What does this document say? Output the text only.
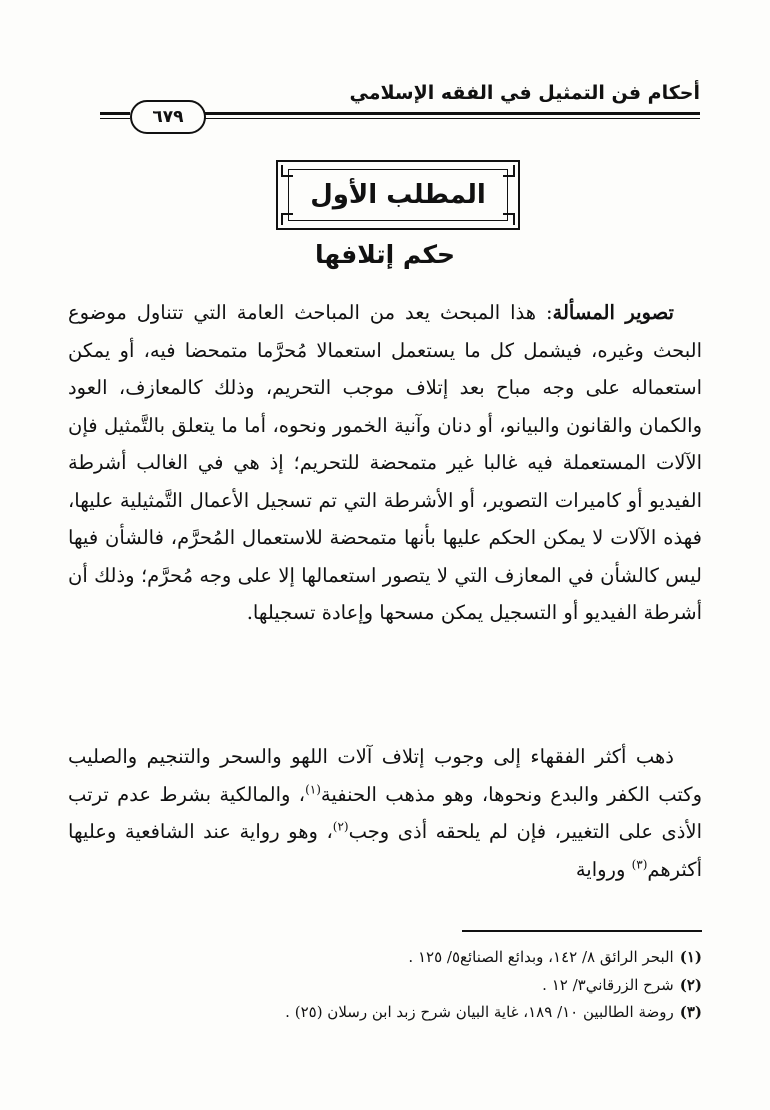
أحكام فن التمثيل في الفقه الإسلامي
٦٧٩
المطلب الأول
حكم إتلافها

تصوير المسألة: هذا المبحث يعد من المباحث العامة التي تتناول موضوع البحث وغيره، فيشمل كل ما يستعمل استعمالا مُحرَّما متمحضا فيه، أو يمكن استعماله على وجه مباح بعد إتلاف موجب التحريم، وذلك كالمعازف، العود والكمان والقانون والبيانو، أو دنان وآنية الخمور ونحوه، أما ما يتعلق بالتَّمثيل فإن الآلات المستعملة فيه غالبا غير متمحضة للتحريم؛ إذ هي في الغالب أشرطة الفيديو أو كاميرات التصوير، أو الأشرطة التي تم تسجيل الأعمال التَّمثيلية عليها، فهذه الآلات لا يمكن الحكم عليها بأنها متمحضة للاستعمال المُحرَّم، فالشأن فيها ليس كالشأن في المعازف التي لا يتصور استعمالها إلا على وجه مُحرَّم؛ وذلك أن أشرطة الفيديو أو التسجيل يمكن مسحها وإعادة تسجيلها.

ذهب أكثر الفقهاء إلى وجوب إتلاف آلات اللهو والسحر والتنجيم والصليب وكتب الكفر والبدع ونحوها، وهو مذهب الحنفية$^{(١)}$، والمالكية بشرط عدم ترتب الأذى على التغيير، فإن لم يلحقه أذى وجب$^{(٢)}$، وهو رواية عند الشافعية وعليها أكثرهم$^{(٣)}$ ورواية

(١)البحر الرائق ٨/ ١٤٢، وبدائع الصنائع٥/ ١٢٥ .
(٢)شرح الزرقاني٣/ ١٢ .
(٣)روضة الطالبين ١٠/ ١٨٩، غاية البيان شرح زبد ابن رسلان (٢٥) .
